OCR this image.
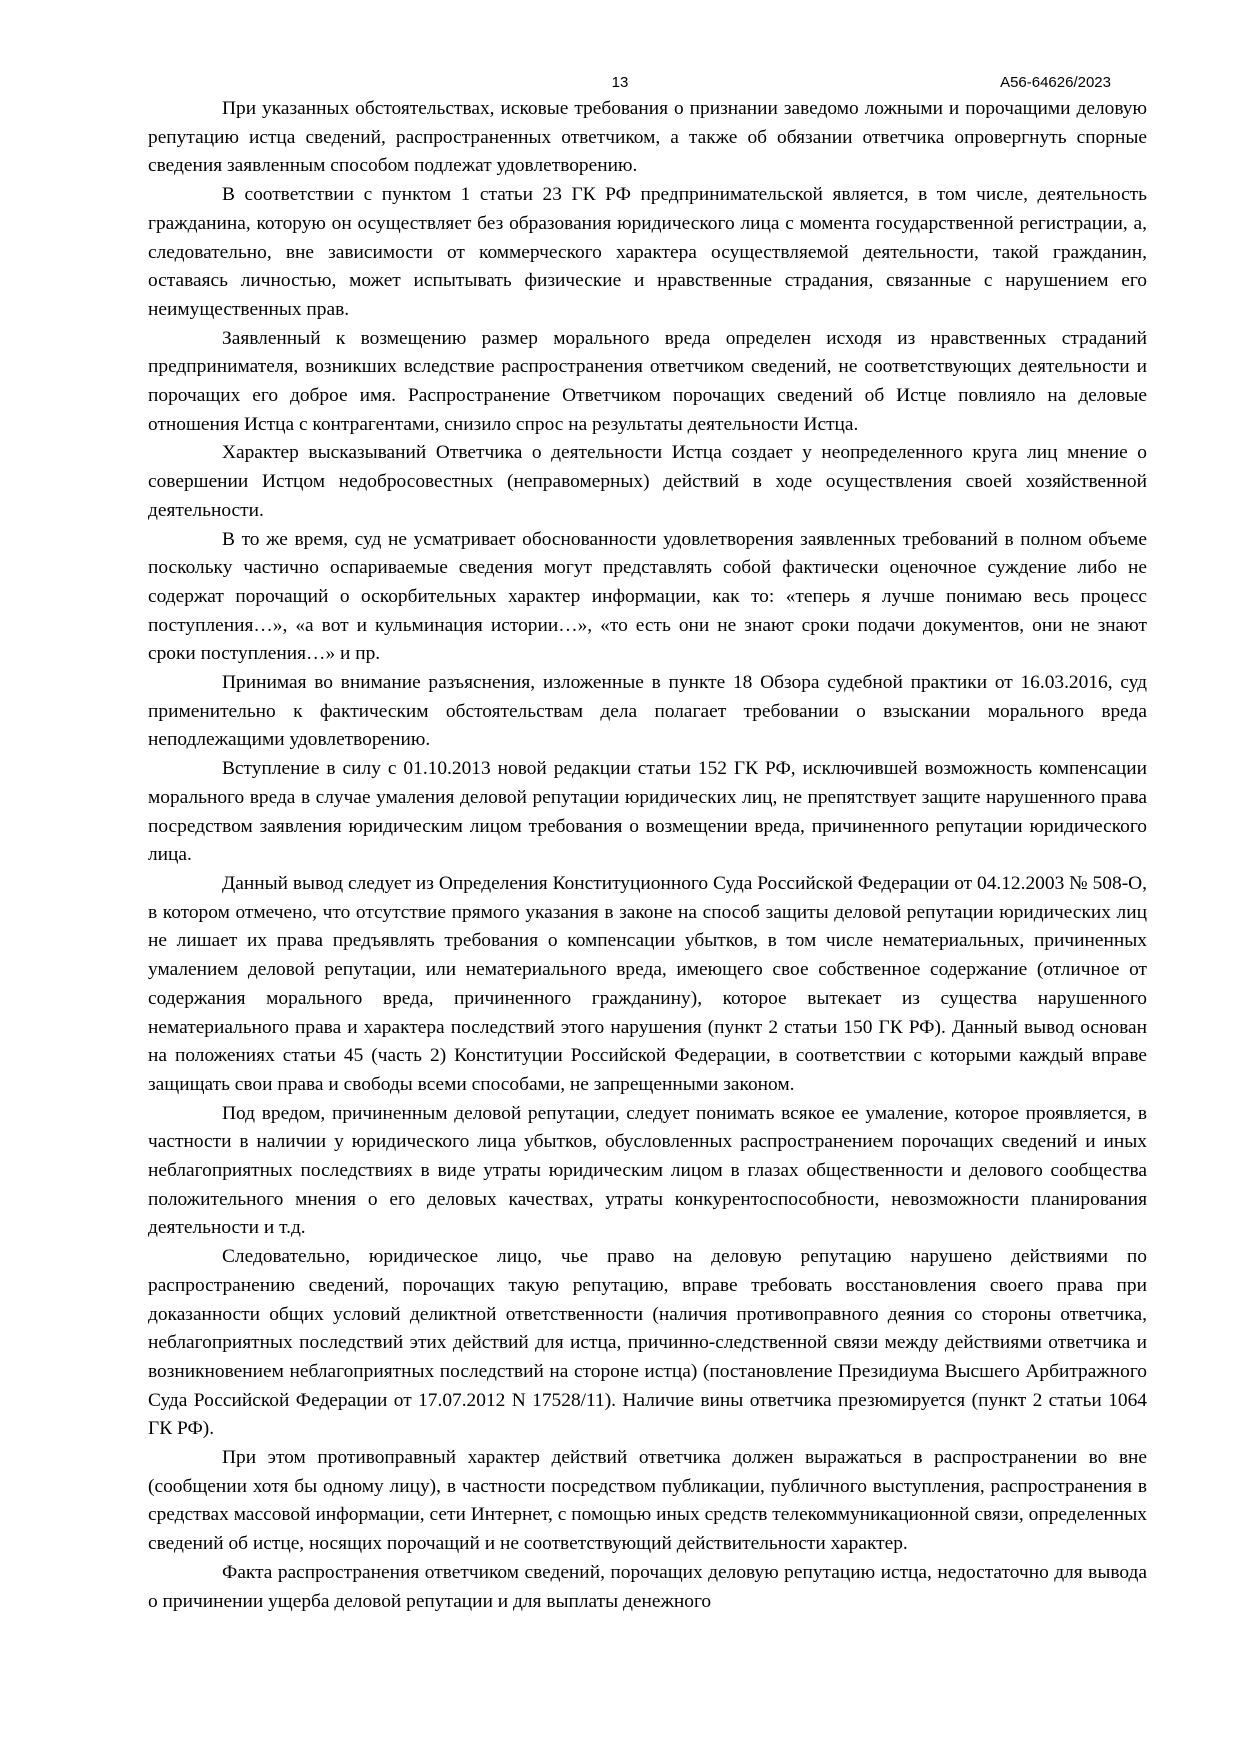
13	А56-64626/2023

При указанных обстоятельствах, исковые требования о признании заведомо ложными и порочащими деловую репутацию истца сведений, распространенных ответчиком, а также об обязании ответчика опровергнуть спорные сведения заявленным способом подлежат удовлетворению.

В соответствии с пунктом 1 статьи 23 ГК РФ предпринимательской является, в том числе, деятельность гражданина, которую он осуществляет без образования юридического лица с момента государственной регистрации, а, следовательно, вне зависимости от коммерческого характера осуществляемой деятельности, такой гражданин, оставаясь личностью, может испытывать физические и нравственные страдания, связанные с нарушением его неимущественных прав.

Заявленный к возмещению размер морального вреда определен исходя из нравственных страданий предпринимателя, возникших вследствие распространения ответчиком сведений, не соответствующих деятельности и порочащих его доброе имя. Распространение Ответчиком порочащих сведений об Истце повлияло на деловые отношения Истца с контрагентами, снизило спрос на результаты деятельности Истца.

Характер высказываний Ответчика о деятельности Истца создает у неопределенного круга лиц мнение о совершении Истцом недобросовестных (неправомерных) действий в ходе осуществления своей хозяйственной деятельности.

В то же время, суд не усматривает обоснованности удовлетворения заявленных требований в полном объеме поскольку частично оспариваемые сведения могут представлять собой фактически оценочное суждение либо не содержат порочащий о оскорбительных характер информации, как то: «теперь я лучше понимаю весь процесс поступления…», «а вот и кульминация истории…», «то есть они не знают сроки подачи документов, они не знают сроки поступления…» и пр.

Принимая во внимание разъяснения, изложенные в пункте 18 Обзора судебной практики от 16.03.2016, суд применительно к фактическим обстоятельствам дела полагает требовании о взыскании морального вреда неподлежащими удовлетворению.

Вступление в силу с 01.10.2013 новой редакции статьи 152 ГК РФ, исключившей возможность компенсации морального вреда в случае умаления деловой репутации юридических лиц, не препятствует защите нарушенного права посредством заявления юридическим лицом требования о возмещении вреда, причиненного репутации юридического лица.

Данный вывод следует из Определения Конституционного Суда Российской Федерации от 04.12.2003 № 508-О, в котором отмечено, что отсутствие прямого указания в законе на способ защиты деловой репутации юридических лиц не лишает их права предъявлять требования о компенсации убытков, в том числе нематериальных, причиненных умалением деловой репутации, или нематериального вреда, имеющего свое собственное содержание (отличное от содержания морального вреда, причиненного гражданину), которое вытекает из существа нарушенного нематериального права и характера последствий этого нарушения (пункт 2 статьи 150 ГК РФ). Данный вывод основан на положениях статьи 45 (часть 2) Конституции Российской Федерации, в соответствии с которыми каждый вправе защищать свои права и свободы всеми способами, не запрещенными законом.

Под вредом, причиненным деловой репутации, следует понимать всякое ее умаление, которое проявляется, в частности в наличии у юридического лица убытков, обусловленных распространением порочащих сведений и иных неблагоприятных последствиях в виде утраты юридическим лицом в глазах общественности и делового сообщества положительного мнения о его деловых качествах, утраты конкурентоспособности, невозможности планирования деятельности и т.д.

Следовательно, юридическое лицо, чье право на деловую репутацию нарушено действиями по распространению сведений, порочащих такую репутацию, вправе требовать восстановления своего права при доказанности общих условий деликтной ответственности (наличия противоправного деяния со стороны ответчика, неблагоприятных последствий этих действий для истца, причинно-следственной связи между действиями ответчика и возникновением неблагоприятных последствий на стороне истца) (постановление Президиума Высшего Арбитражного Суда Российской Федерации от 17.07.2012 N 17528/11). Наличие вины ответчика презюмируется (пункт 2 статьи 1064 ГК РФ).

При этом противоправный характер действий ответчика должен выражаться в распространении во вне (сообщении хотя бы одному лицу), в частности посредством публикации, публичного выступления, распространения в средствах массовой информации, сети Интернет, с помощью иных средств телекоммуникационной связи, определенных сведений об истце, носящих порочащий и не соответствующий действительности характер.

Факта распространения ответчиком сведений, порочащих деловую репутацию истца, недостаточно для вывода о причинении ущерба деловой репутации и для выплаты денежного
